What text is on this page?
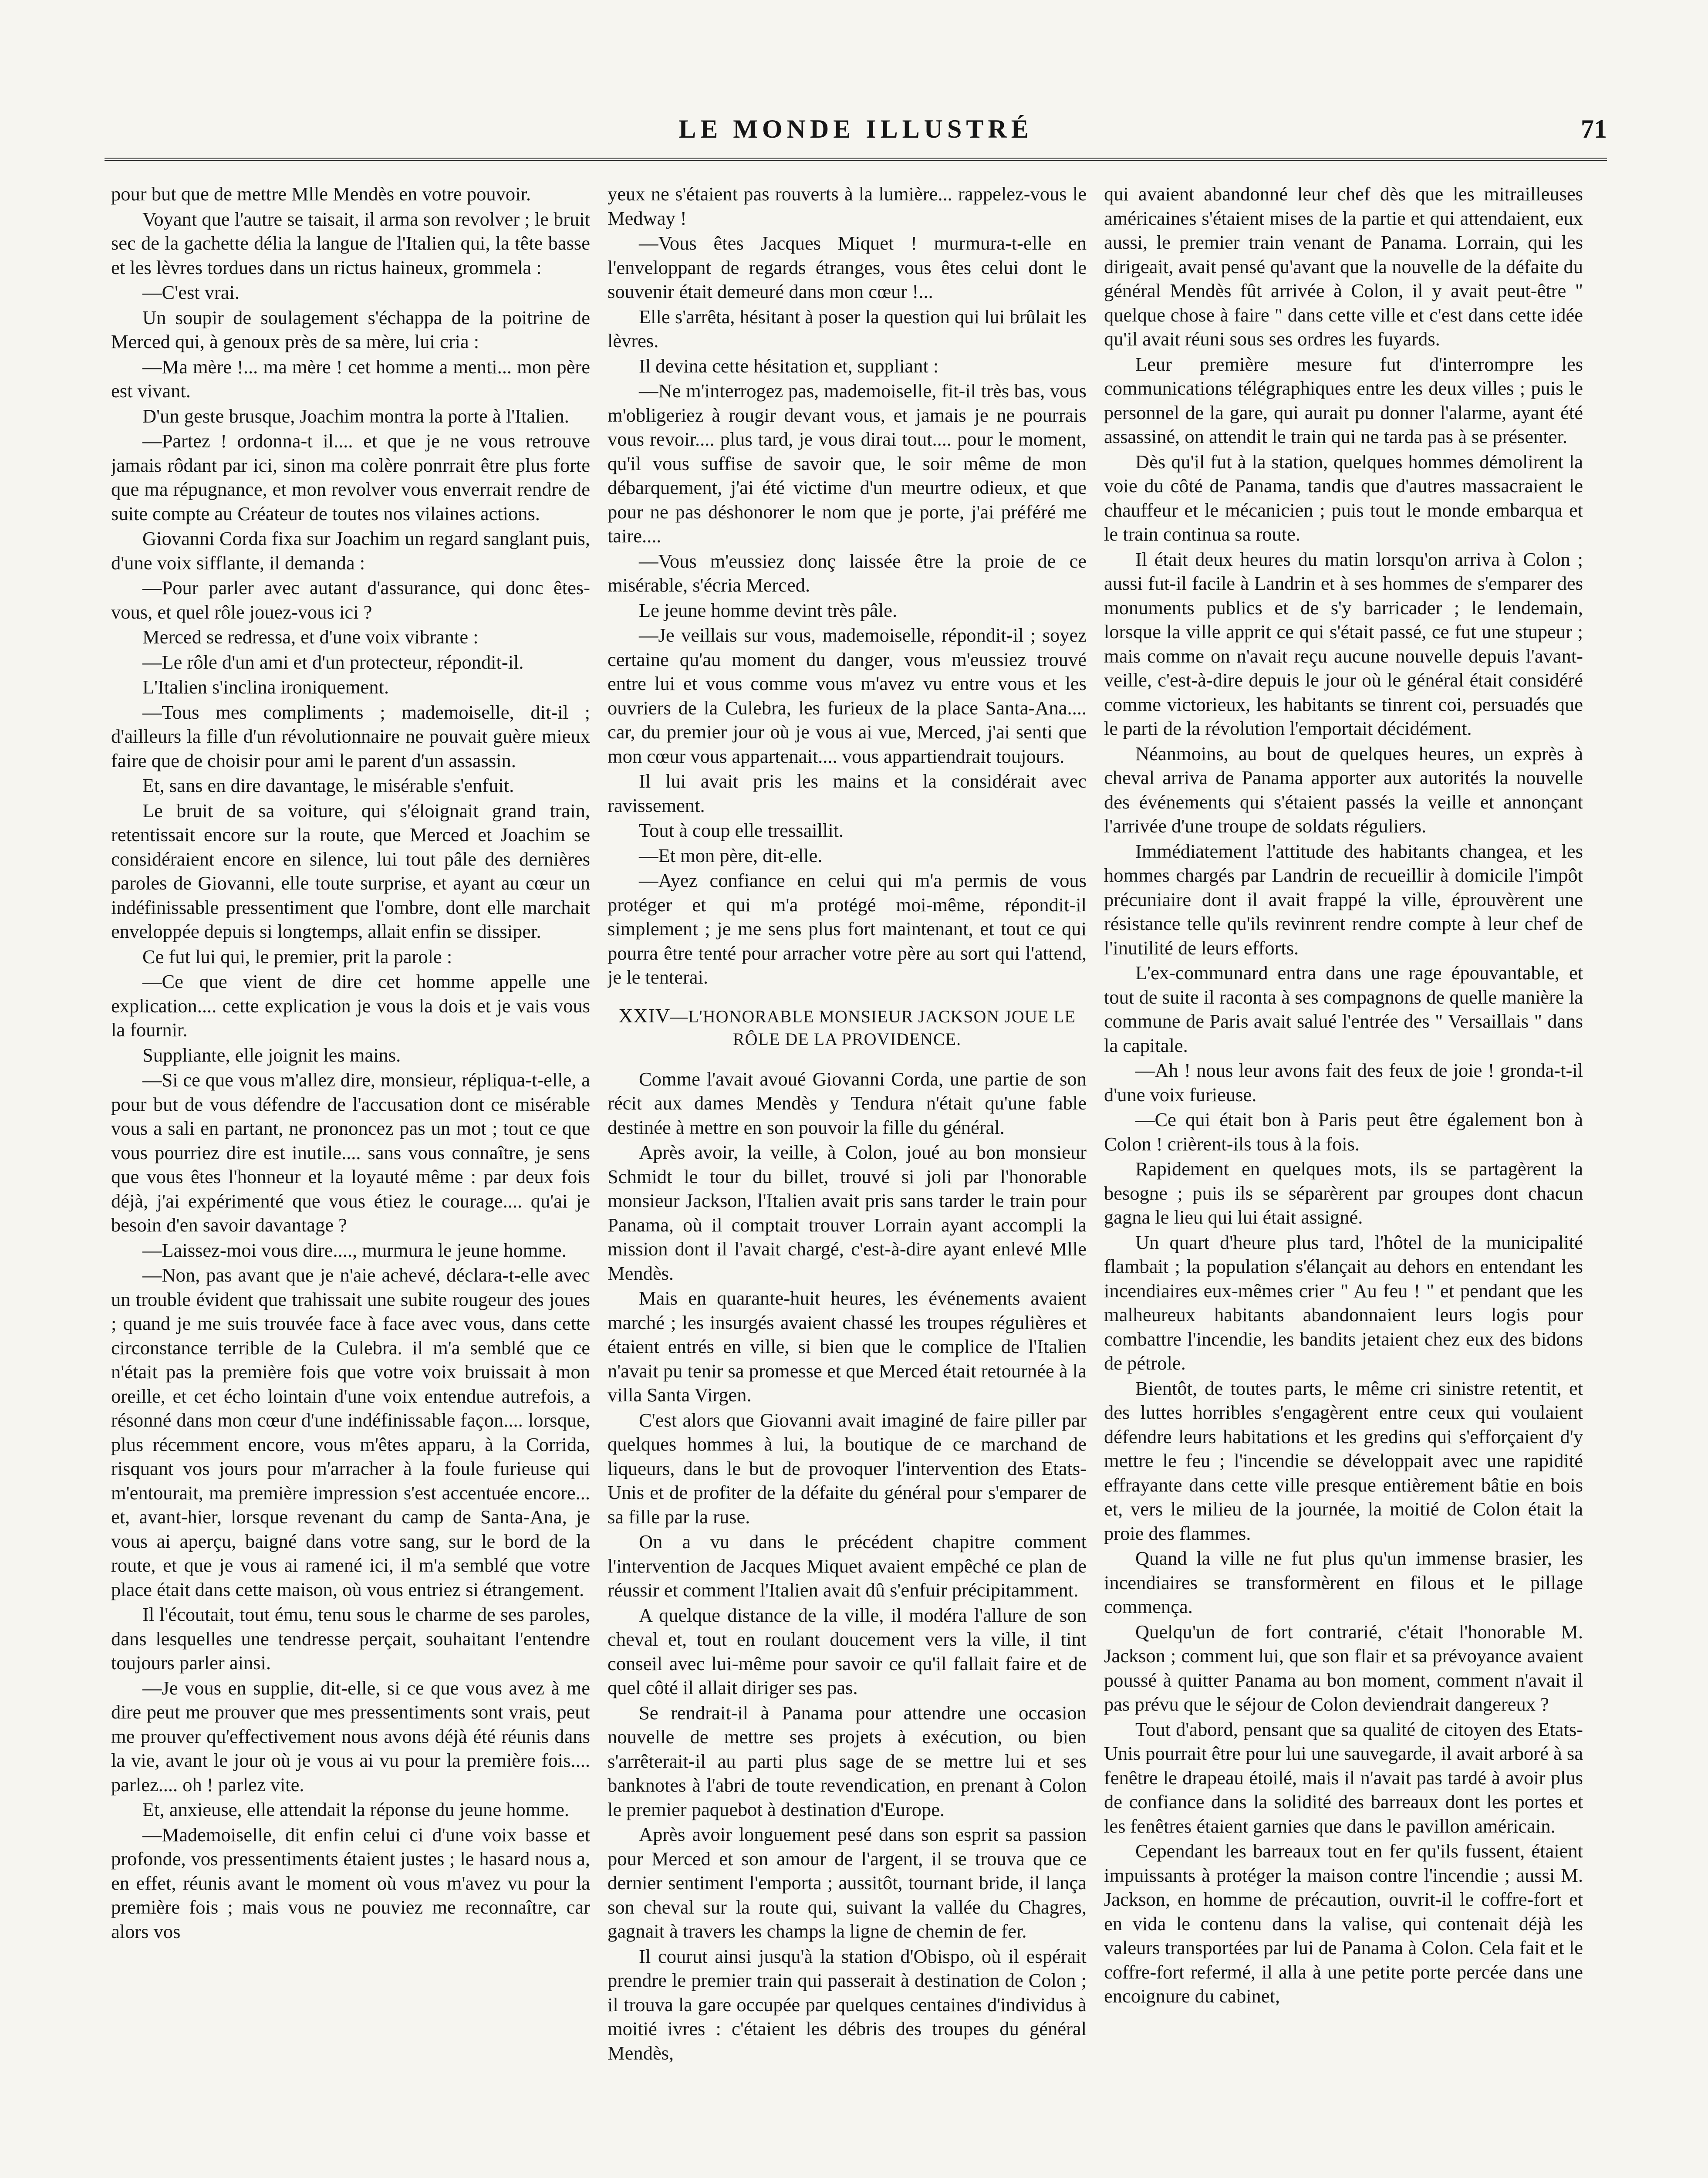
LE MONDE ILLUSTRÉ	71

pour but que de mettre Mlle Mendès en votre pouvoir.

Voyant que l'autre se taisait, il arma son revolver ; le bruit sec de la gachette délia la langue de l'Italien qui, la tête basse et les lèvres tordues dans un rictus haineux, grommela :

—C'est vrai.

Un soupir de soulagement s'échappa de la poitrine de Merced qui, à genoux près de sa mère, lui cria :

—Ma mère !... ma mère ! cet homme a menti... mon père est vivant.

D'un geste brusque, Joachim montra la porte à l'Italien.

—Partez ! ordonna-t il.... et que je ne vous retrouve jamais rôdant par ici, sinon ma colère ponrrait être plus forte que ma répugnance, et mon revolver vous enverrait rendre de suite compte au Créateur de toutes nos vilaines actions.

Giovanni Corda fixa sur Joachim un regard sanglant puis, d'une voix sifflante, il demanda :

—Pour parler avec autant d'assurance, qui donc êtes-vous, et quel rôle jouez-vous ici ?

Merced se redressa, et d'une voix vibrante :

—Le rôle d'un ami et d'un protecteur, répondit-il.

L'Italien s'inclina ironiquement.

—Tous mes compliments ; mademoiselle, dit-il ; d'ailleurs la fille d'un révolutionnaire ne pouvait guère mieux faire que de choisir pour ami le parent d'un assassin.

Et, sans en dire davantage, le misérable s'enfuit.

Le bruit de sa voiture, qui s'éloignait grand train, retentissait encore sur la route, que Merced et Joachim se considéraient encore en silence, lui tout pâle des dernières paroles de Giovanni, elle toute surprise, et ayant au cœur un indéfinissable pressentiment que l'ombre, dont elle marchait enveloppée depuis si longtemps, allait enfin se dissiper.

Ce fut lui qui, le premier, prit la parole :

—Ce que vient de dire cet homme appelle une explication.... cette explication je vous la dois et je vais vous la fournir.

Suppliante, elle joignit les mains.

—Si ce que vous m'allez dire, monsieur, répliqua-t-elle, a pour but de vous défendre de l'accusation dont ce misérable vous a sali en partant, ne prononcez pas un mot ; tout ce que vous pourriez dire est inutile.... sans vous connaître, je sens que vous êtes l'honneur et la loyauté même : par deux fois déjà, j'ai expérimenté que vous étiez le courage.... qu'ai je besoin d'en savoir davantage ?

—Laissez-moi vous dire...., murmura le jeune homme.

—Non, pas avant que je n'aie achevé, déclara-t-elle avec un trouble évident que trahissait une subite rougeur des joues ; quand je me suis trouvée face à face avec vous, dans cette circonstance terrible de la Culebra. il m'a semblé que ce n'était pas la première fois que votre voix bruissait à mon oreille, et cet écho lointain d'une voix entendue autrefois, a résonné dans mon cœur d'une indéfinissable façon.... lorsque, plus récemment encore, vous m'êtes apparu, à la Corrida, risquant vos jours pour m'arracher à la foule furieuse qui m'entourait, ma première impression s'est accentuée encore... et, avant-hier, lorsque revenant du camp de Santa-Ana, je vous ai aperçu, baigné dans votre sang, sur le bord de la route, et que je vous ai ramené ici, il m'a semblé que votre place était dans cette maison, où vous entriez si étrangement.

Il l'écoutait, tout ému, tenu sous le charme de ses paroles, dans lesquelles une tendresse perçait, souhaitant l'entendre toujours parler ainsi.

—Je vous en supplie, dit-elle, si ce que vous avez à me dire peut me prouver que mes pressentiments sont vrais, peut me prouver qu'effectivement nous avons déjà été réunis dans la vie, avant le jour où je vous ai vu pour la première fois.... parlez.... oh ! parlez vite.

Et, anxieuse, elle attendait la réponse du jeune homme.

—Mademoiselle, dit enfin celui ci d'une voix basse et profonde, vos pressentiments étaient justes ; le hasard nous a, en effet, réunis avant le moment où vous m'avez vu pour la première fois ; mais vous ne pouviez me reconnaître, car alors vos

yeux ne s'étaient pas rouverts à la lumière... rappelez-vous le Medway !

—Vous êtes Jacques Miquet ! murmura-t-elle en l'enveloppant de regards étranges, vous êtes celui dont le souvenir était demeuré dans mon cœur !...

Elle s'arrêta, hésitant à poser la question qui lui brûlait les lèvres.

Il devina cette hésitation et, suppliant :

—Ne m'interrogez pas, mademoiselle, fit-il très bas, vous m'obligeriez à rougir devant vous, et jamais je ne pourrais vous revoir.... plus tard, je vous dirai tout.... pour le moment, qu'il vous suffise de savoir que, le soir même de mon débarquement, j'ai été victime d'un meurtre odieux, et que pour ne pas déshonorer le nom que je porte, j'ai préféré me taire....

—Vous m'eussiez donç laissée être la proie de ce misérable, s'écria Merced.

Le jeune homme devint très pâle.

—Je veillais sur vous, mademoiselle, répondit-il ; soyez certaine qu'au moment du danger, vous m'eussiez trouvé entre lui et vous comme vous m'avez vu entre vous et les ouvriers de la Culebra, les furieux de la place Santa-Ana.... car, du premier jour où je vous ai vue, Merced, j'ai senti que mon cœur vous appartenait.... vous appartiendrait toujours.

Il lui avait pris les mains et la considérait avec ravissement.

Tout à coup elle tressaillit.

—Et mon père, dit-elle.

—Ayez confiance en celui qui m'a permis de vous protéger et qui m'a protégé moi-même, répondit-il simplement ; je me sens plus fort maintenant, et tout ce qui pourra être tenté pour arracher votre père au sort qui l'attend, je le tenterai.

XXIV—L'HONORABLE MONSIEUR JACKSON JOUE LE RÔLE DE LA PROVIDENCE.

Comme l'avait avoué Giovanni Corda, une partie de son récit aux dames Mendès y Tendura n'était qu'une fable destinée à mettre en son pouvoir la fille du général.

Après avoir, la veille, à Colon, joué au bon monsieur Schmidt le tour du billet, trouvé si joli par l'honorable monsieur Jackson, l'Italien avait pris sans tarder le train pour Panama, où il comptait trouver Lorrain ayant accompli la mission dont il l'avait chargé, c'est-à-dire ayant enlevé Mlle Mendès.

Mais en quarante-huit heures, les événements avaient marché ; les insurgés avaient chassé les troupes régulières et étaient entrés en ville, si bien que le complice de l'Italien n'avait pu tenir sa promesse et que Merced était retournée à la villa Santa Virgen.

C'est alors que Giovanni avait imaginé de faire piller par quelques hommes à lui, la boutique de ce marchand de liqueurs, dans le but de provoquer l'intervention des Etats-Unis et de profiter de la défaite du général pour s'emparer de sa fille par la ruse.

On a vu dans le précédent chapitre comment l'intervention de Jacques Miquet avaient empêché ce plan de réussir et comment l'Italien avait dû s'enfuir précipitamment.

A quelque distance de la ville, il modéra l'allure de son cheval et, tout en roulant doucement vers la ville, il tint conseil avec lui-même pour savoir ce qu'il fallait faire et de quel côté il allait diriger ses pas.

Se rendrait-il à Panama pour attendre une occasion nouvelle de mettre ses projets à exécution, ou bien s'arrêterait-il au parti plus sage de se mettre lui et ses banknotes à l'abri de toute revendication, en prenant à Colon le premier paquebot à destination d'Europe.

Après avoir longuement pesé dans son esprit sa passion pour Merced et son amour de l'argent, il se trouva que ce dernier sentiment l'emporta ; aussitôt, tournant bride, il lança son cheval sur la route qui, suivant la vallée du Chagres, gagnait à travers les champs la ligne de chemin de fer.

Il courut ainsi jusqu'à la station d'Obispo, où il espérait prendre le premier train qui passerait à destination de Colon ; il trouva la gare occupée par quelques centaines d'individus à moitié ivres : c'étaient les débris des troupes du général Mendès,

qui avaient abandonné leur chef dès que les mitrailleuses américaines s'étaient mises de la partie et qui attendaient, eux aussi, le premier train venant de Panama. Lorrain, qui les dirigeait, avait pensé qu'avant que la nouvelle de la défaite du général Mendès fût arrivée à Colon, il y avait peut-être " quelque chose à faire " dans cette ville et c'est dans cette idée qu'il avait réuni sous ses ordres les fuyards.

Leur première mesure fut d'interrompre les communications télégraphiques entre les deux villes ; puis le personnel de la gare, qui aurait pu donner l'alarme, ayant été assassiné, on attendit le train qui ne tarda pas à se présenter.

Dès qu'il fut à la station, quelques hommes démolirent la voie du côté de Panama, tandis que d'autres massacraient le chauffeur et le mécanicien ; puis tout le monde embarqua et le train continua sa route.

Il était deux heures du matin lorsqu'on arriva à Colon ; aussi fut-il facile à Landrin et à ses hommes de s'emparer des monuments publics et de s'y barricader ; le lendemain, lorsque la ville apprit ce qui s'était passé, ce fut une stupeur ; mais comme on n'avait reçu aucune nouvelle depuis l'avant-veille, c'est-à-dire depuis le jour où le général était considéré comme victorieux, les habitants se tinrent coi, persuadés que le parti de la révolution l'emportait décidément.

Néanmoins, au bout de quelques heures, un exprès à cheval arriva de Panama apporter aux autorités la nouvelle des événements qui s'étaient passés la veille et annonçant l'arrivée d'une troupe de soldats réguliers.

Immédiatement l'attitude des habitants changea, et les hommes chargés par Landrin de recueillir à domicile l'impôt précuniaire dont il avait frappé la ville, éprouvèrent une résistance telle qu'ils revinrent rendre compte à leur chef de l'inutilité de leurs efforts.

L'ex-communard entra dans une rage épouvantable, et tout de suite il raconta à ses compagnons de quelle manière la commune de Paris avait salué l'entrée des " Versaillais " dans la capitale.

—Ah ! nous leur avons fait des feux de joie ! gronda-t-il d'une voix furieuse.

—Ce qui était bon à Paris peut être également bon à Colon ! crièrent-ils tous à la fois.

Rapidement en quelques mots, ils se partagèrent la besogne ; puis ils se séparèrent par groupes dont chacun gagna le lieu qui lui était assigné.

Un quart d'heure plus tard, l'hôtel de la municipalité flambait ; la population s'élançait au dehors en entendant les incendiaires eux-mêmes crier " Au feu ! " et pendant que les malheureux habitants abandonnaient leurs logis pour combattre l'incendie, les bandits jetaient chez eux des bidons de pétrole.

Bientôt, de toutes parts, le même cri sinistre retentit, et des luttes horribles s'engagèrent entre ceux qui voulaient défendre leurs habitations et les gredins qui s'efforçaient d'y mettre le feu ; l'incendie se développait avec une rapidité effrayante dans cette ville presque entièrement bâtie en bois et, vers le milieu de la journée, la moitié de Colon était la proie des flammes.

Quand la ville ne fut plus qu'un immense brasier, les incendiaires se transformèrent en filous et le pillage commença.

Quelqu'un de fort contrarié, c'était l'honorable M. Jackson ; comment lui, que son flair et sa prévoyance avaient poussé à quitter Panama au bon moment, comment n'avait il pas prévu que le séjour de Colon deviendrait dangereux ?

Tout d'abord, pensant que sa qualité de citoyen des Etats-Unis pourrait être pour lui une sauvegarde, il avait arboré à sa fenêtre le drapeau étoilé, mais il n'avait pas tardé à avoir plus de confiance dans la solidité des barreaux dont les portes et les fenêtres étaient garnies que dans le pavillon américain.

Cependant les barreaux tout en fer qu'ils fussent, étaient impuissants à protéger la maison contre l'incendie ; aussi M. Jackson, en homme de précaution, ouvrit-il le coffre-fort et en vida le contenu dans la valise, qui contenait déjà les valeurs transportées par lui de Panama à Colon. Cela fait et le coffre-fort refermé, il alla à une petite porte percée dans une encoignure du cabinet,
